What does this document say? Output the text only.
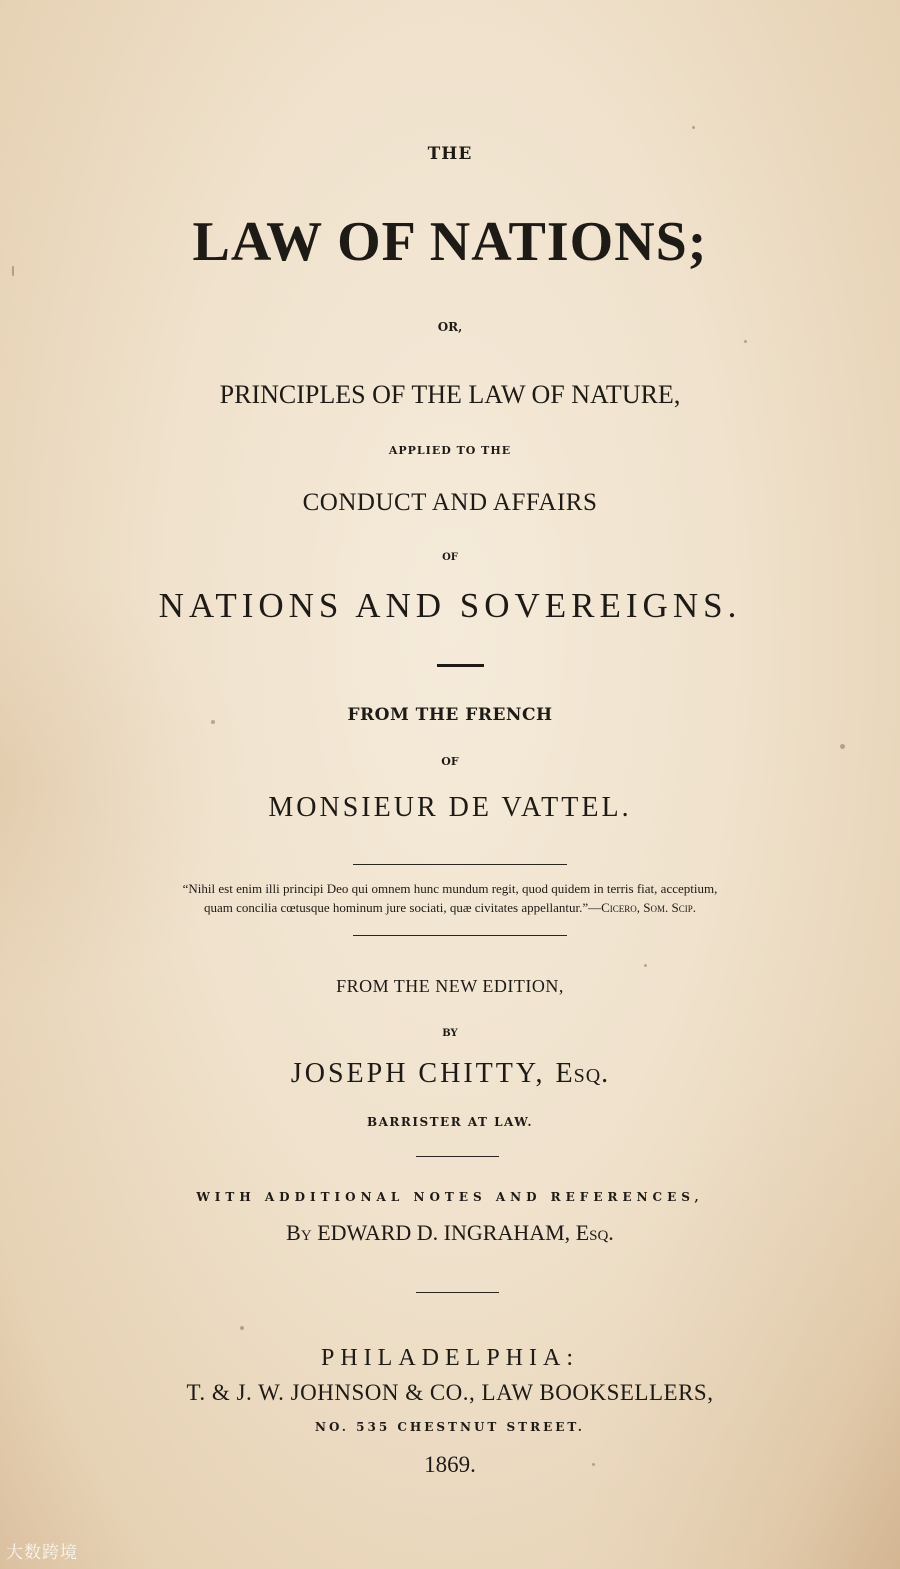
THE
LAW OF NATIONS;
OR,
PRINCIPLES OF THE LAW OF NATURE,
APPLIED TO THE
CONDUCT AND AFFAIRS
OF
NATIONS AND SOVEREIGNS.
FROM THE FRENCH
OF
MONSIEUR DE VATTEL.
“Nihil est enim illi principi Deo qui omnem hunc mundum regit, quod quidem in terris fiat, acceptium,
quam concilia cœtusque hominum jure sociati, quæ civitates appellantur.”—Cicero, Som. Scip.
FROM THE NEW EDITION,
BY
JOSEPH CHITTY, Esq.
BARRISTER AT LAW.
WITH ADDITIONAL NOTES AND REFERENCES,
By EDWARD D. INGRAHAM, Esq.
PHILADELPHIA:
T. & J. W. JOHNSON & CO., LAW BOOKSELLERS,
NO. 535 CHESTNUT STREET.
1869.
大数跨境
